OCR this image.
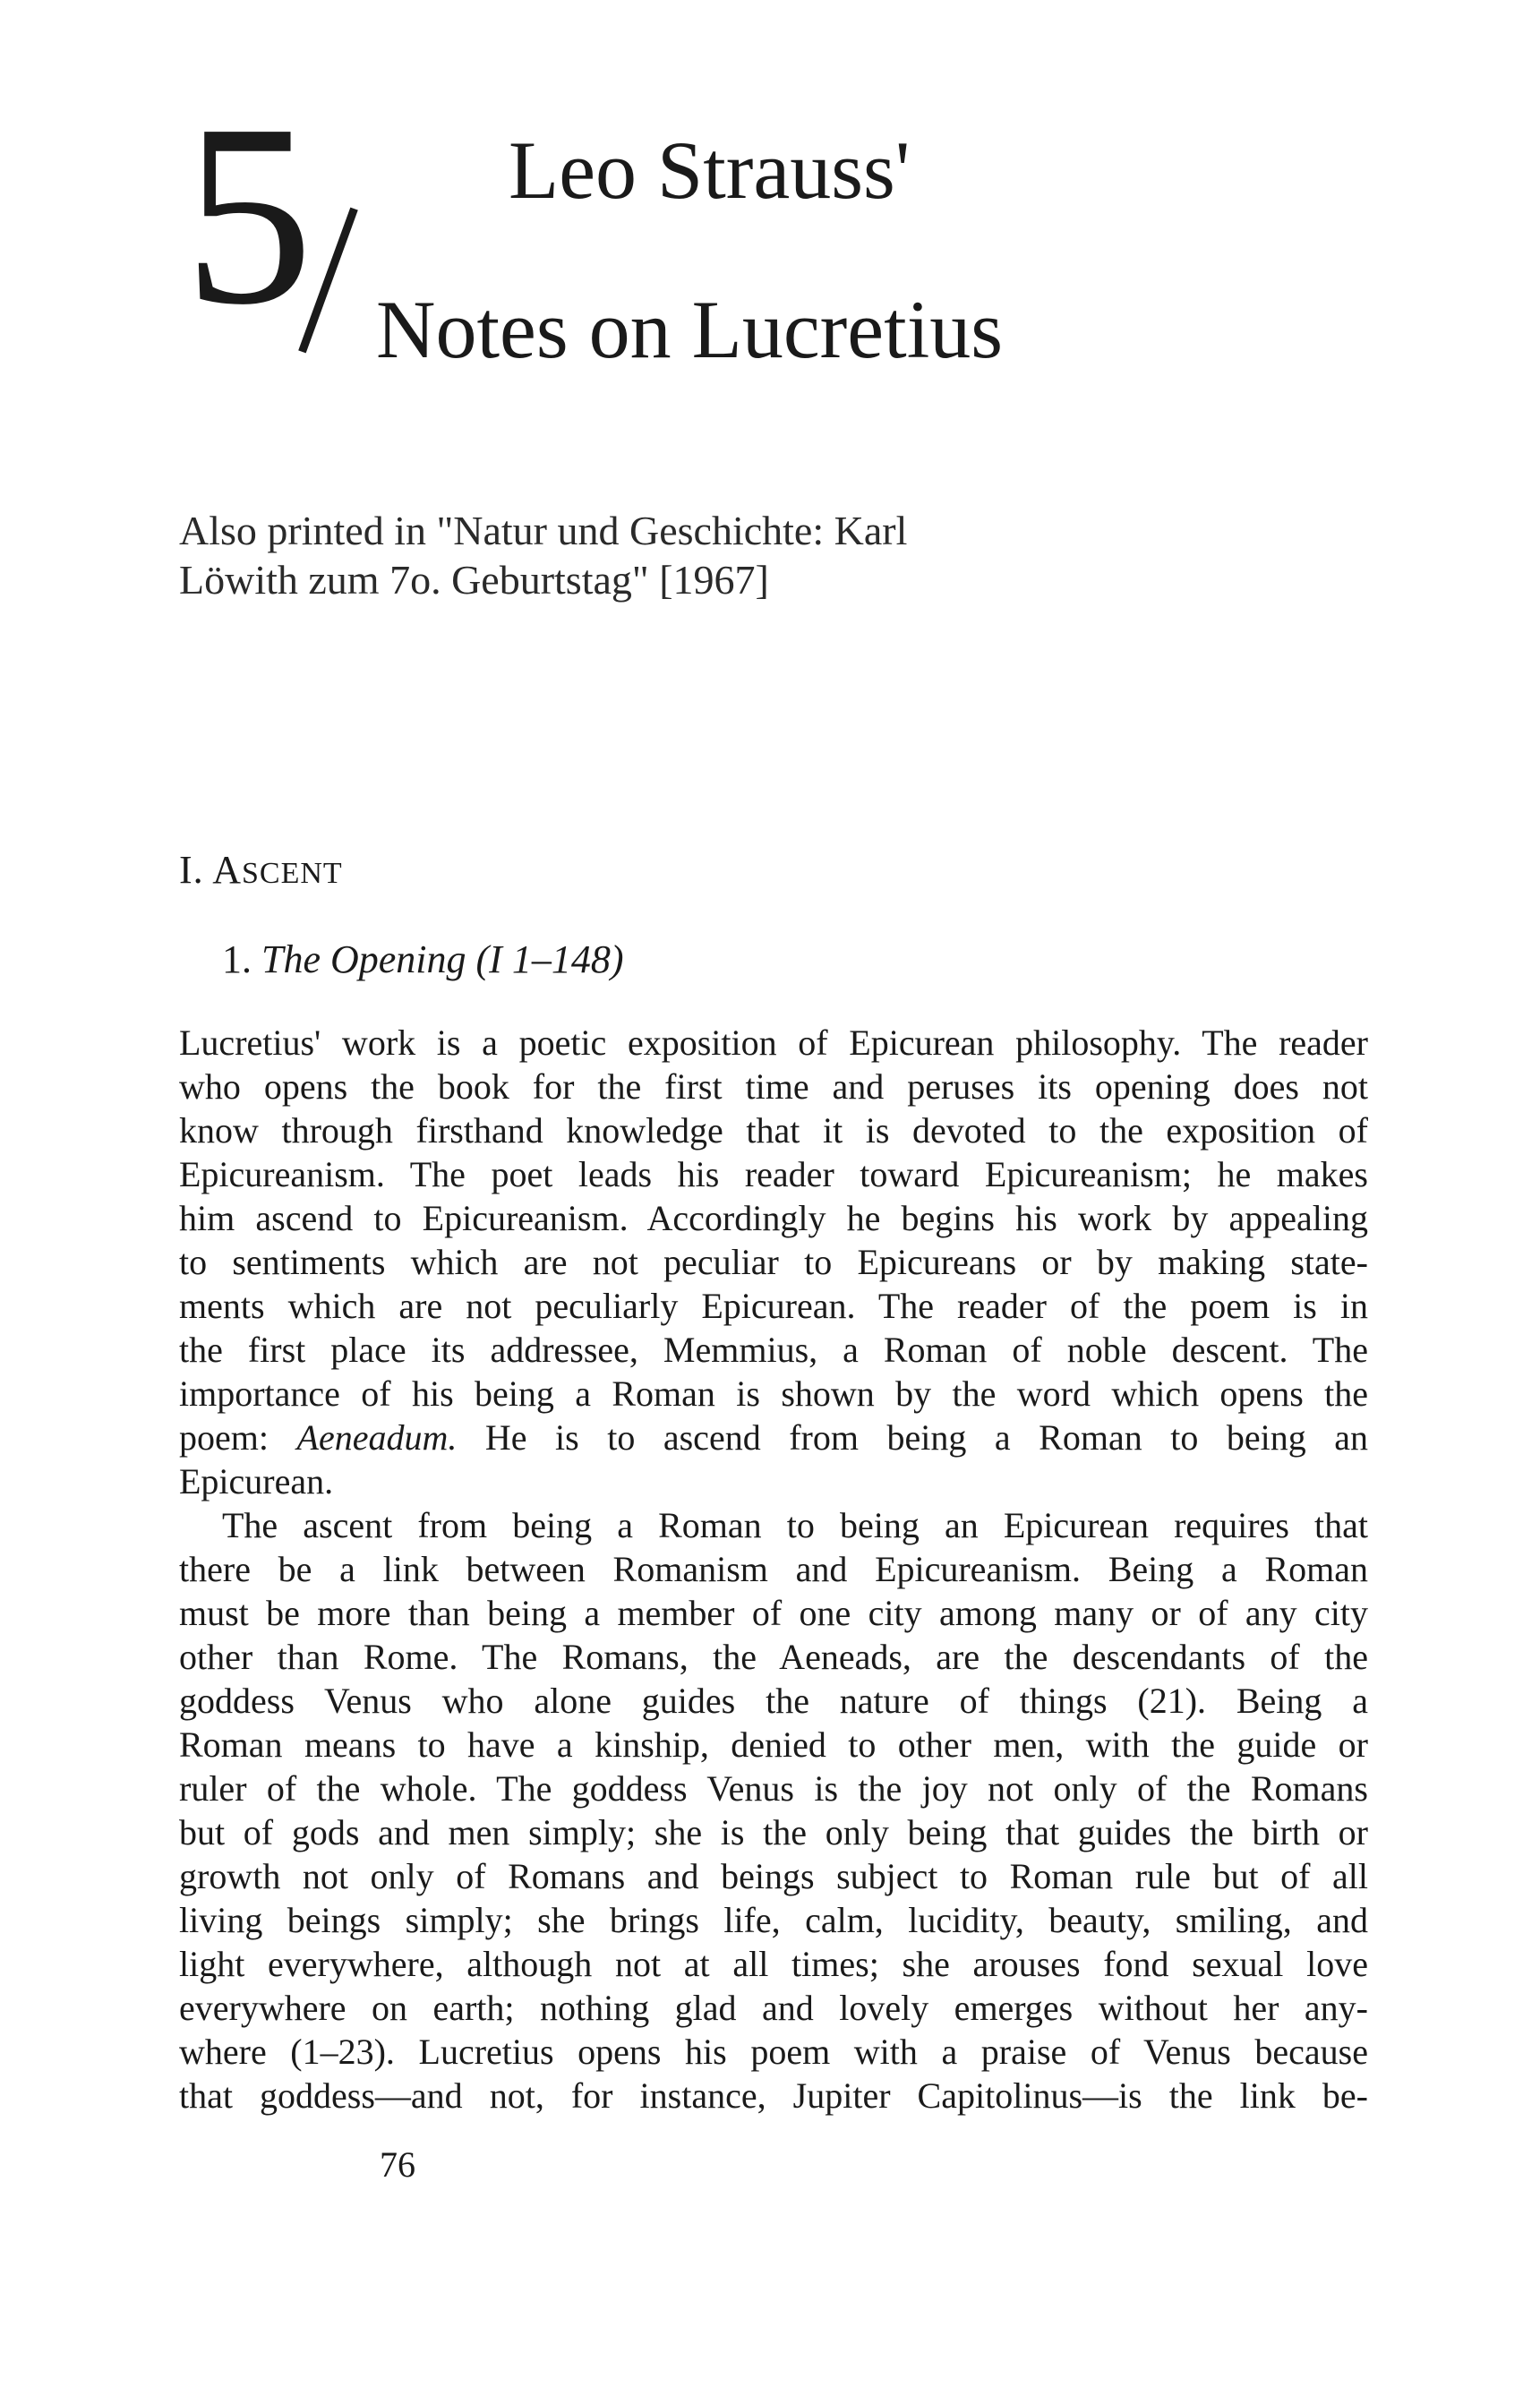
5 Leo Strauss'
Notes on Lucretius
Also printed in "Natur und Geschichte: Karl
Löwith zum 7o. Geburtstag" [1967]
I. ASCENT
1. The Opening (I 1–148)
Lucretius' work is a poetic exposition of Epicurean philosophy. The reader
who opens the book for the first time and peruses its opening does not
know through firsthand knowledge that it is devoted to the exposition of
Epicureanism. The poet leads his reader toward Epicureanism; he makes
him ascend to Epicureanism. Accordingly he begins his work by appealing
to sentiments which are not peculiar to Epicureans or by making state-
ments which are not peculiarly Epicurean. The reader of the poem is in
the first place its addressee, Memmius, a Roman of noble descent. The
importance of his being a Roman is shown by the word which opens the
poem: Aeneadum. He is to ascend from being a Roman to being an
Epicurean.
The ascent from being a Roman to being an Epicurean requires that
there be a link between Romanism and Epicureanism. Being a Roman
must be more than being a member of one city among many or of any city
other than Rome. The Romans, the Aeneads, are the descendants of the
goddess Venus who alone guides the nature of things (21). Being a
Roman means to have a kinship, denied to other men, with the guide or
ruler of the whole. The goddess Venus is the joy not only of the Romans
but of gods and men simply; she is the only being that guides the birth or
growth not only of Romans and beings subject to Roman rule but of all
living beings simply; she brings life, calm, lucidity, beauty, smiling, and
light everywhere, although not at all times; she arouses fond sexual love
everywhere on earth; nothing glad and lovely emerges without her any-
where (1–23). Lucretius opens his poem with a praise of Venus because
that goddess—and not, for instance, Jupiter Capitolinus—is the link be-
76
